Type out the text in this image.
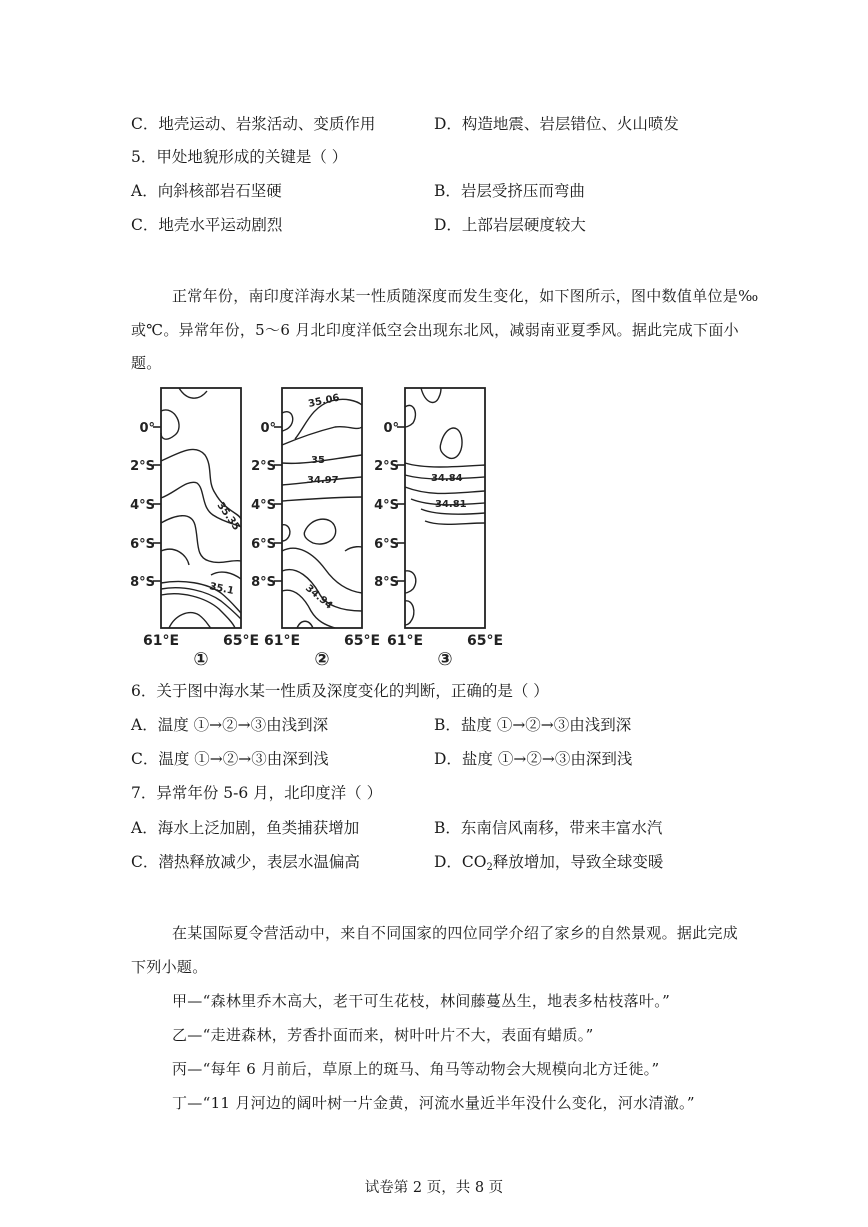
C．地壳运动、岩浆活动、变质作用	D．构造地震、岩层错位、火山喷发
5．甲处地貌形成的关键是（ ）
A．向斜核部岩石坚硬	B．岩层受挤压而弯曲
C．地壳水平运动剧烈	D．上部岩层硬度较大
正常年份，南印度洋海水某一性质随深度而发生变化，如下图所示，图中数值单位是‰
或℃。异常年份，5～6 月北印度洋低空会出现东北风，减弱南亚夏季风。据此完成下面小
题。
0°
2°S
4°S
6°S
8°S
0°
2°S
4°S
6°S
8°S
0°
2°S
4°S
6°S
8°S
61°E	65°E 61°E	65°E 61°E	65°E
①	②	③
35.35
35.1
35.06
35
34.97
34.94
34.84
34.81
6．关于图中海水某一性质及深度变化的判断，正确的是（ ）
A．温度 ①→②→③由浅到深	B．盐度 ①→②→③由浅到深
C．温度 ①→②→③由深到浅	D．盐度 ①→②→③由深到浅
7．异常年份 5-6 月，北印度洋（ ）
A．海水上泛加剧，鱼类捕获增加	B．东南信风南移，带来丰富水汽
C．潜热释放减少，表层水温偏高	D．$CO_2$释放增加，导致全球变暖
在某国际夏令营活动中，来自不同国家的四位同学介绍了家乡的自然景观。据此完成
下列小题。
甲—“森林里乔木高大，老干可生花枝，林间藤蔓丛生，地表多枯枝落叶。”
乙—“走进森林，芳香扑面而来，树叶叶片不大，表面有蜡质。”
丙—“每年 6 月前后，草原上的斑马、角马等动物会大规模向北方迁徙。”
丁—“11 月河边的阔叶树一片金黄，河流水量近半年没什么变化，河水清澈。”
试卷第 2 页，共 8 页
